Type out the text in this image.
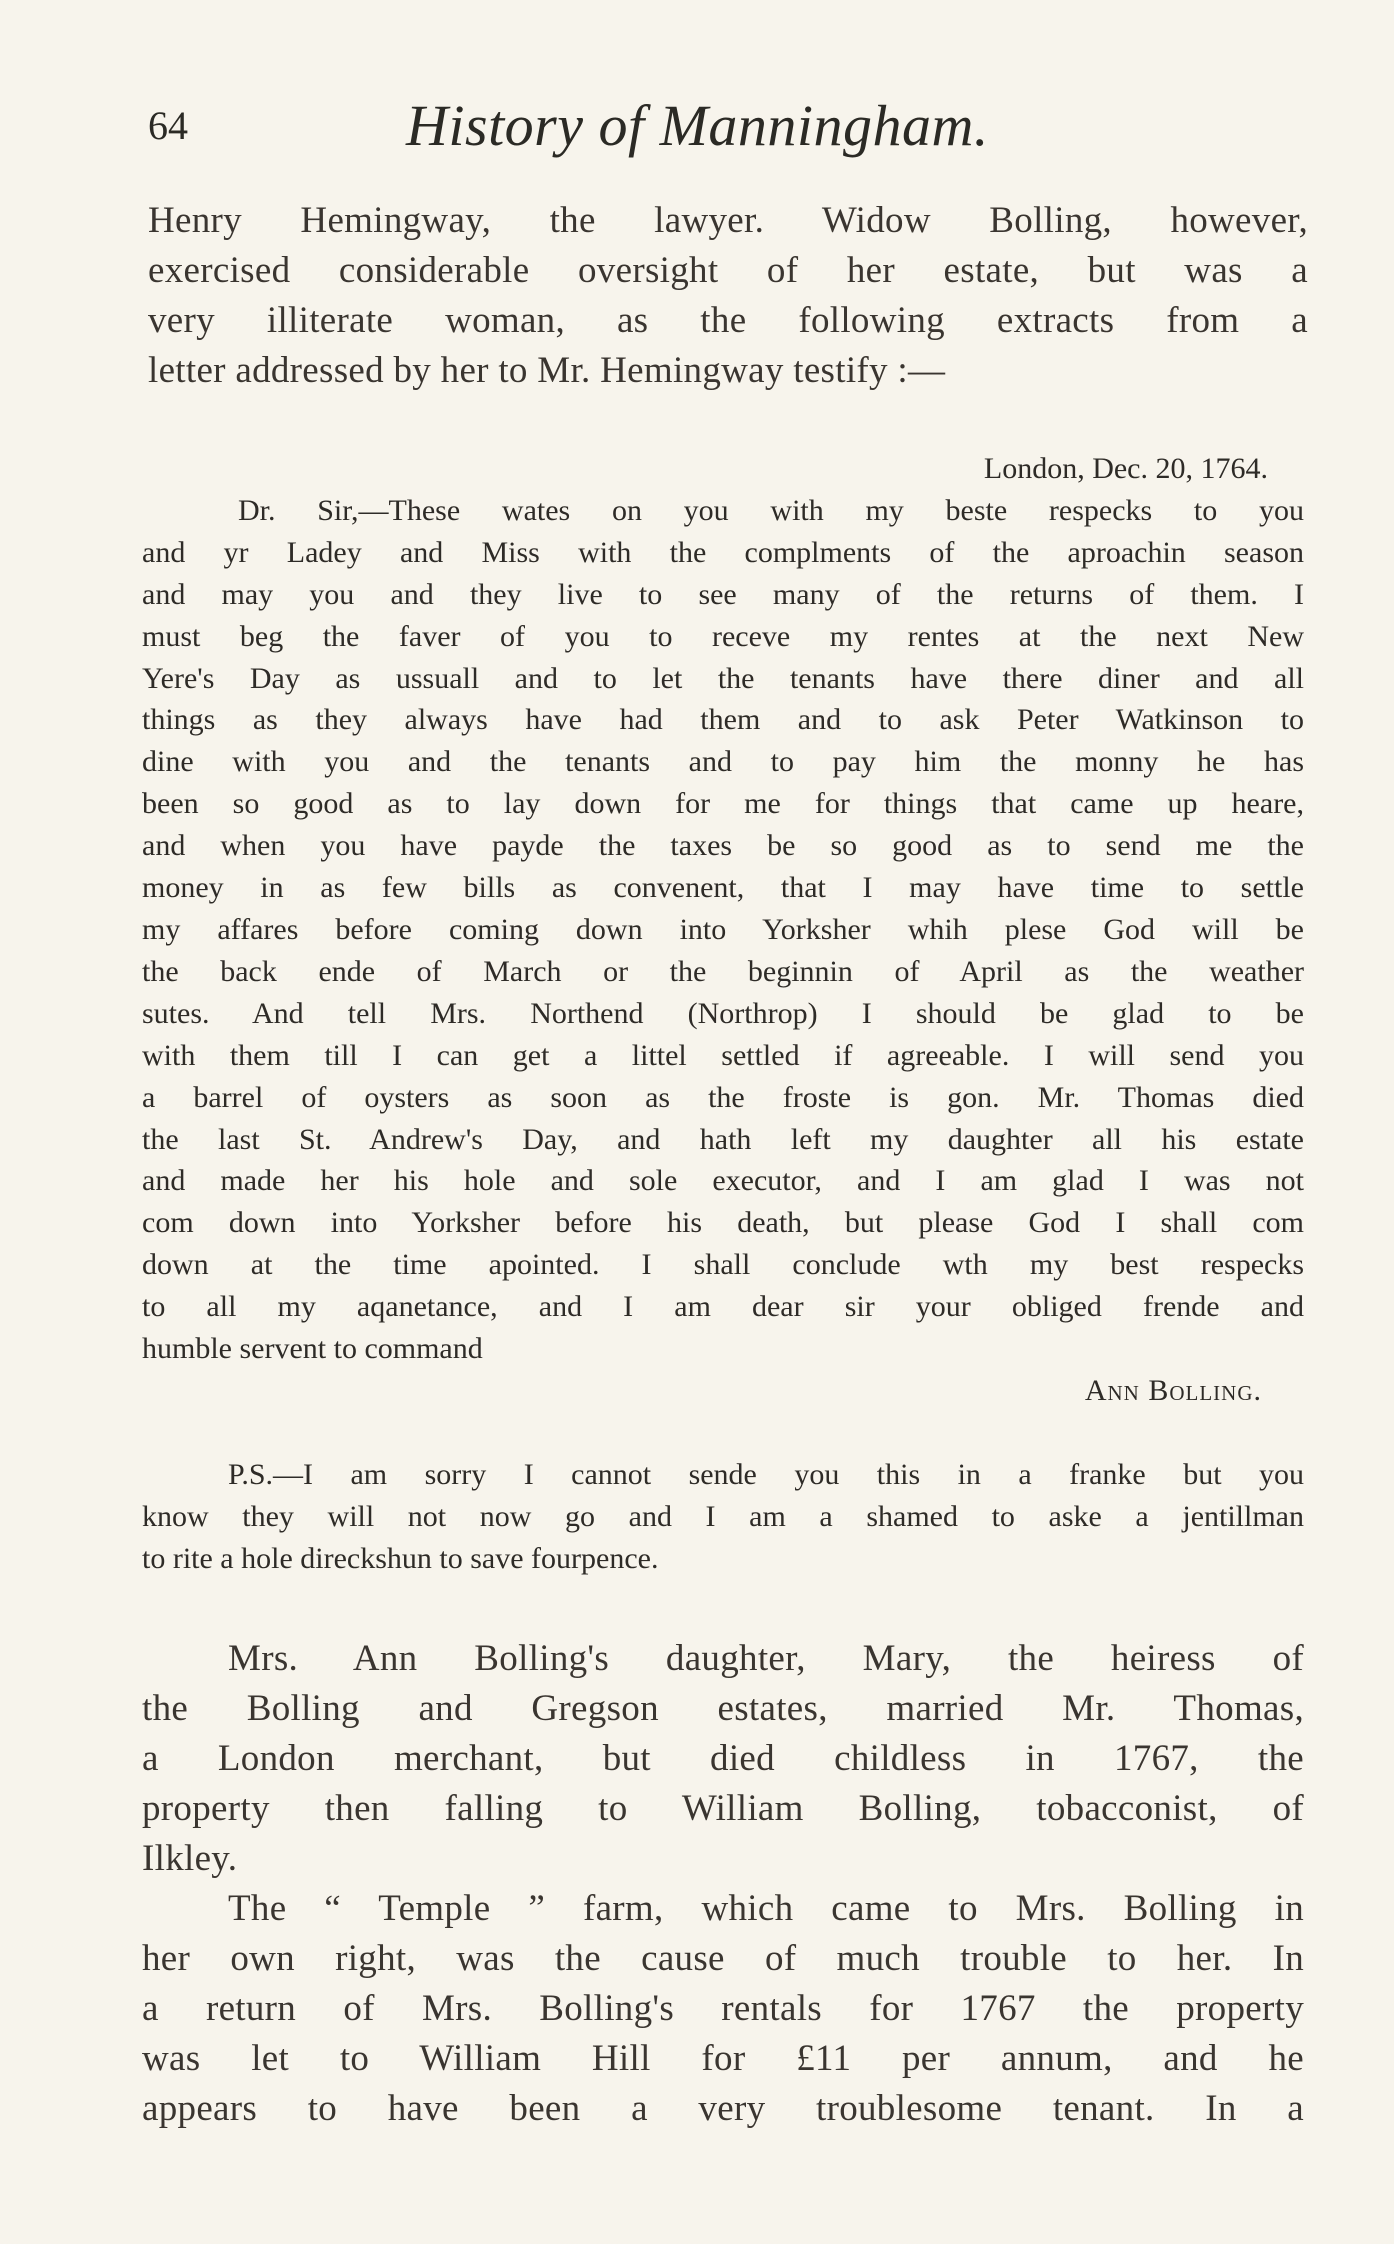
64	History of Manningham.

Henry Hemingway, the lawyer. Widow Bolling, however,

exercised considerable oversight of her estate, but was a

very illiterate woman, as the following extracts from a

letter addressed by her to Mr. Hemingway testify :—

London, Dec. 20, 1764.

Dr. Sir,—These wates on you with my beste respecks to you

and yr Ladey and Miss with the complments of the aproachin season

and may you and they live to see many of the returns of them. I

must beg the faver of you to receve my rentes at the next New

Yere's Day as ussuall and to let the tenants have there diner and all

things as they always have had them and to ask Peter Watkinson to

dine with you and the tenants and to pay him the monny he has

been so good as to lay down for me for things that came up heare,

and when you have payde the taxes be so good as to send me the

money in as few bills as convenent, that I may have time to settle

my affares before coming down into Yorksher whih plese God will be

the back ende of March or the beginnin of April as the weather

sutes. And tell Mrs. Northend (Northrop) I should be glad to be

with them till I can get a littel settled if agreeable. I will send you

a barrel of oysters as soon as the froste is gon. Mr. Thomas died

the last St. Andrew's Day, and hath left my daughter all his estate

and made her his hole and sole executor, and I am glad I was not

com down into Yorksher before his death, but please God I shall com

down at the time apointed. I shall conclude wth my best respecks

to all my aqanetance, and I am dear sir your obliged frende and

humble servent to command

Ann Bolling.

P.S.—I am sorry I cannot sende you this in a franke but you

know they will not now go and I am a shamed to aske a jentillman

to rite a hole direckshun to save fourpence.

Mrs. Ann Bolling's daughter, Mary, the heiress of

the Bolling and Gregson estates, married Mr. Thomas,

a London merchant, but died childless in 1767, the

property then falling to William Bolling, tobacconist, of

Ilkley.

The “ Temple ” farm, which came to Mrs. Bolling in

her own right, was the cause of much trouble to her. In

a return of Mrs. Bolling's rentals for 1767 the property

was let to William Hill for £11 per annum, and he

appears to have been a very troublesome tenant. In a
